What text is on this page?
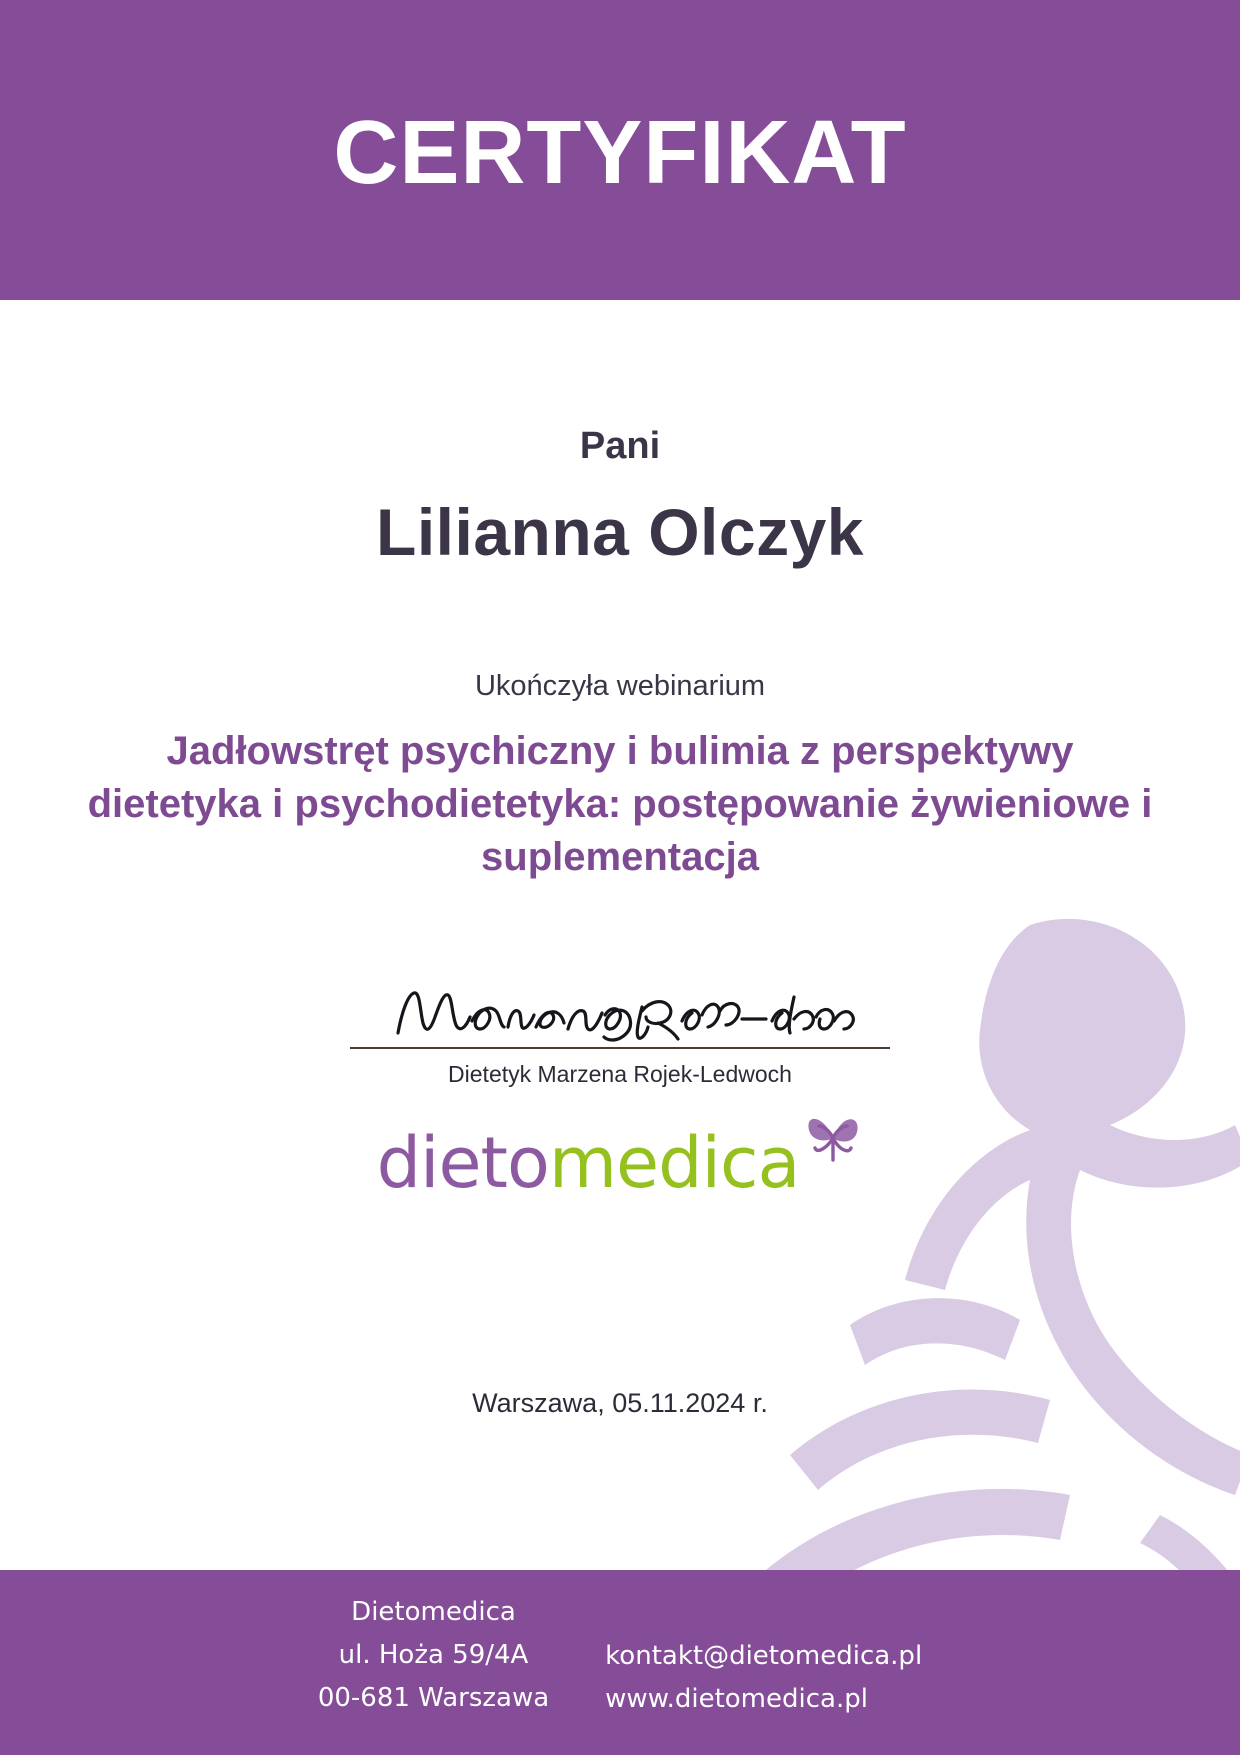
CERTYFIKAT
Pani
Lilianna Olczyk
Ukończyła webinarium
Jadłowstręt psychiczny i bulimia z perspektywy dietetyka i psychodietetyka: postępowanie żywieniowe i suplementacja
Dietetyk Marzena Rojek-Ledwoch
dieto medica
Warszawa, 05.11.2024 r.
Dietomedica
ul. Hoża 59/4A
00-681 Warszawa
kontakt@dietomedica.pl
www.dietomedica.pl
